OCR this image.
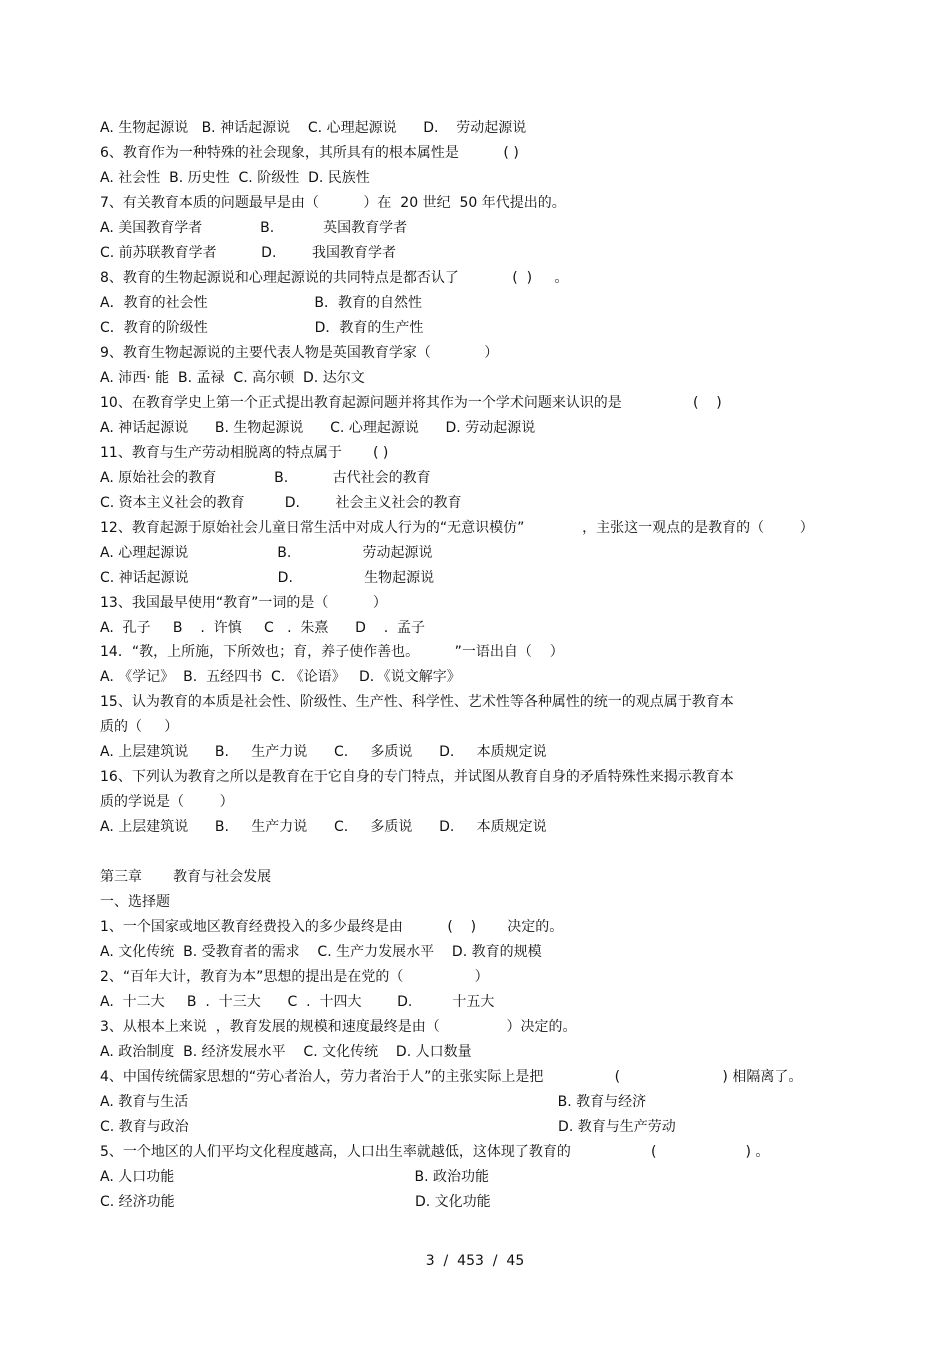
A. 生物起源说   B. 神话起源说    C. 心理起源说      D.    劳动起源说
6、教育作为一种特殊的社会现象，其所具有的根本属性是          ( )
A. 社会性  B. 历史性  C. 阶级性  D. 民族性
7、有关教育本质的问题最早是由（          ）在  20 世纪  50 年代提出的。
A. 美国教育学者             B.           英国教育学者
C. 前苏联教育学者          D.        我国教育学者
8、教育的生物起源说和心理起源说的共同特点是都否认了            (  )     。
A．教育的社会性                        B．教育的自然性
C．教育的阶级性                        D．教育的生产性
9、教育生物起源说的主要代表人物是英国教育学家（            ）
A. 沛西· 能  B. 孟禄  C. 高尔顿  D. 达尔文
10、在教育学史上第一个正式提出教育起源问题并将其作为一个学术问题来认识的是                (    )
A. 神话起源说      B. 生物起源说      C. 心理起源说      D. 劳动起源说
11、教育与生产劳动相脱离的特点属于       ( )
A. 原始社会的教育             B.          古代社会的教育
C. 资本主义社会的教育         D.        社会主义社会的教育
12、教育起源于原始社会儿童日常生活中对成人行为的“无意识模仿”             ，主张这一观点的是教育的（        ）
A. 心理起源说                    B.                劳动起源说
C. 神话起源说                    D.                生物起源说
13、我国最早使用“教育”一词的是（          ）
A.  孔子     B    .  许慎     C   .  朱熹      D    .  孟子
14．“教，上所施，下所效也；育，养子使作善也。        ”一语出自（    ）
A. 《学记》  B.  五经四书  C. 《论语》   D．《说文解字》
15、认为教育的本质是社会性、阶级性、生产性、科学性、艺术性等各种属性的统一的观点属于教育本
质的（     ）
A. 上层建筑说      B.     生产力说      C.     多质说      D.     本质规定说
16、下列认为教育之所以是教育在于它自身的专门特点，并试图从教育自身的矛盾特殊性来揭示教育本
质的学说是（        ）
A. 上层建筑说      B.     生产力说      C.     多质说      D.     本质规定说
第三章       教育与社会发展
一、选择题
1、一个国家或地区教育经费投入的多少最终是由          (    )       决定的。
A. 文化传统  B. 受教育者的需求    C. 生产力发展水平    D. 教育的规模
2、“百年大计，教育为本”思想的提出是在党的（                ）
A.  十二大     B  .  十三大      C  .  十四大        D.         十五大
3、从根本上来说  ，教育发展的规模和速度最终是由（               ）决定的。
A. 政治制度  B. 经济发展水平    C. 文化传统    D. 人口数量
4、中国传统儒家思想的“劳心者治人，劳力者治于人”的主张实际上是把                (                       ) 相隔离了。
A. 教育与生活                                                                                   B. 教育与经济
C. 教育与政治                                                                                   D. 教育与生产劳动
5、一个地区的人们平均文化程度越高，人口出生率就越低，这体现了教育的                  (                    ) 。
A. 人口功能                                                      B. 政治功能
C. 经济功能                                                      D. 文化功能
3  /  453  /  45
